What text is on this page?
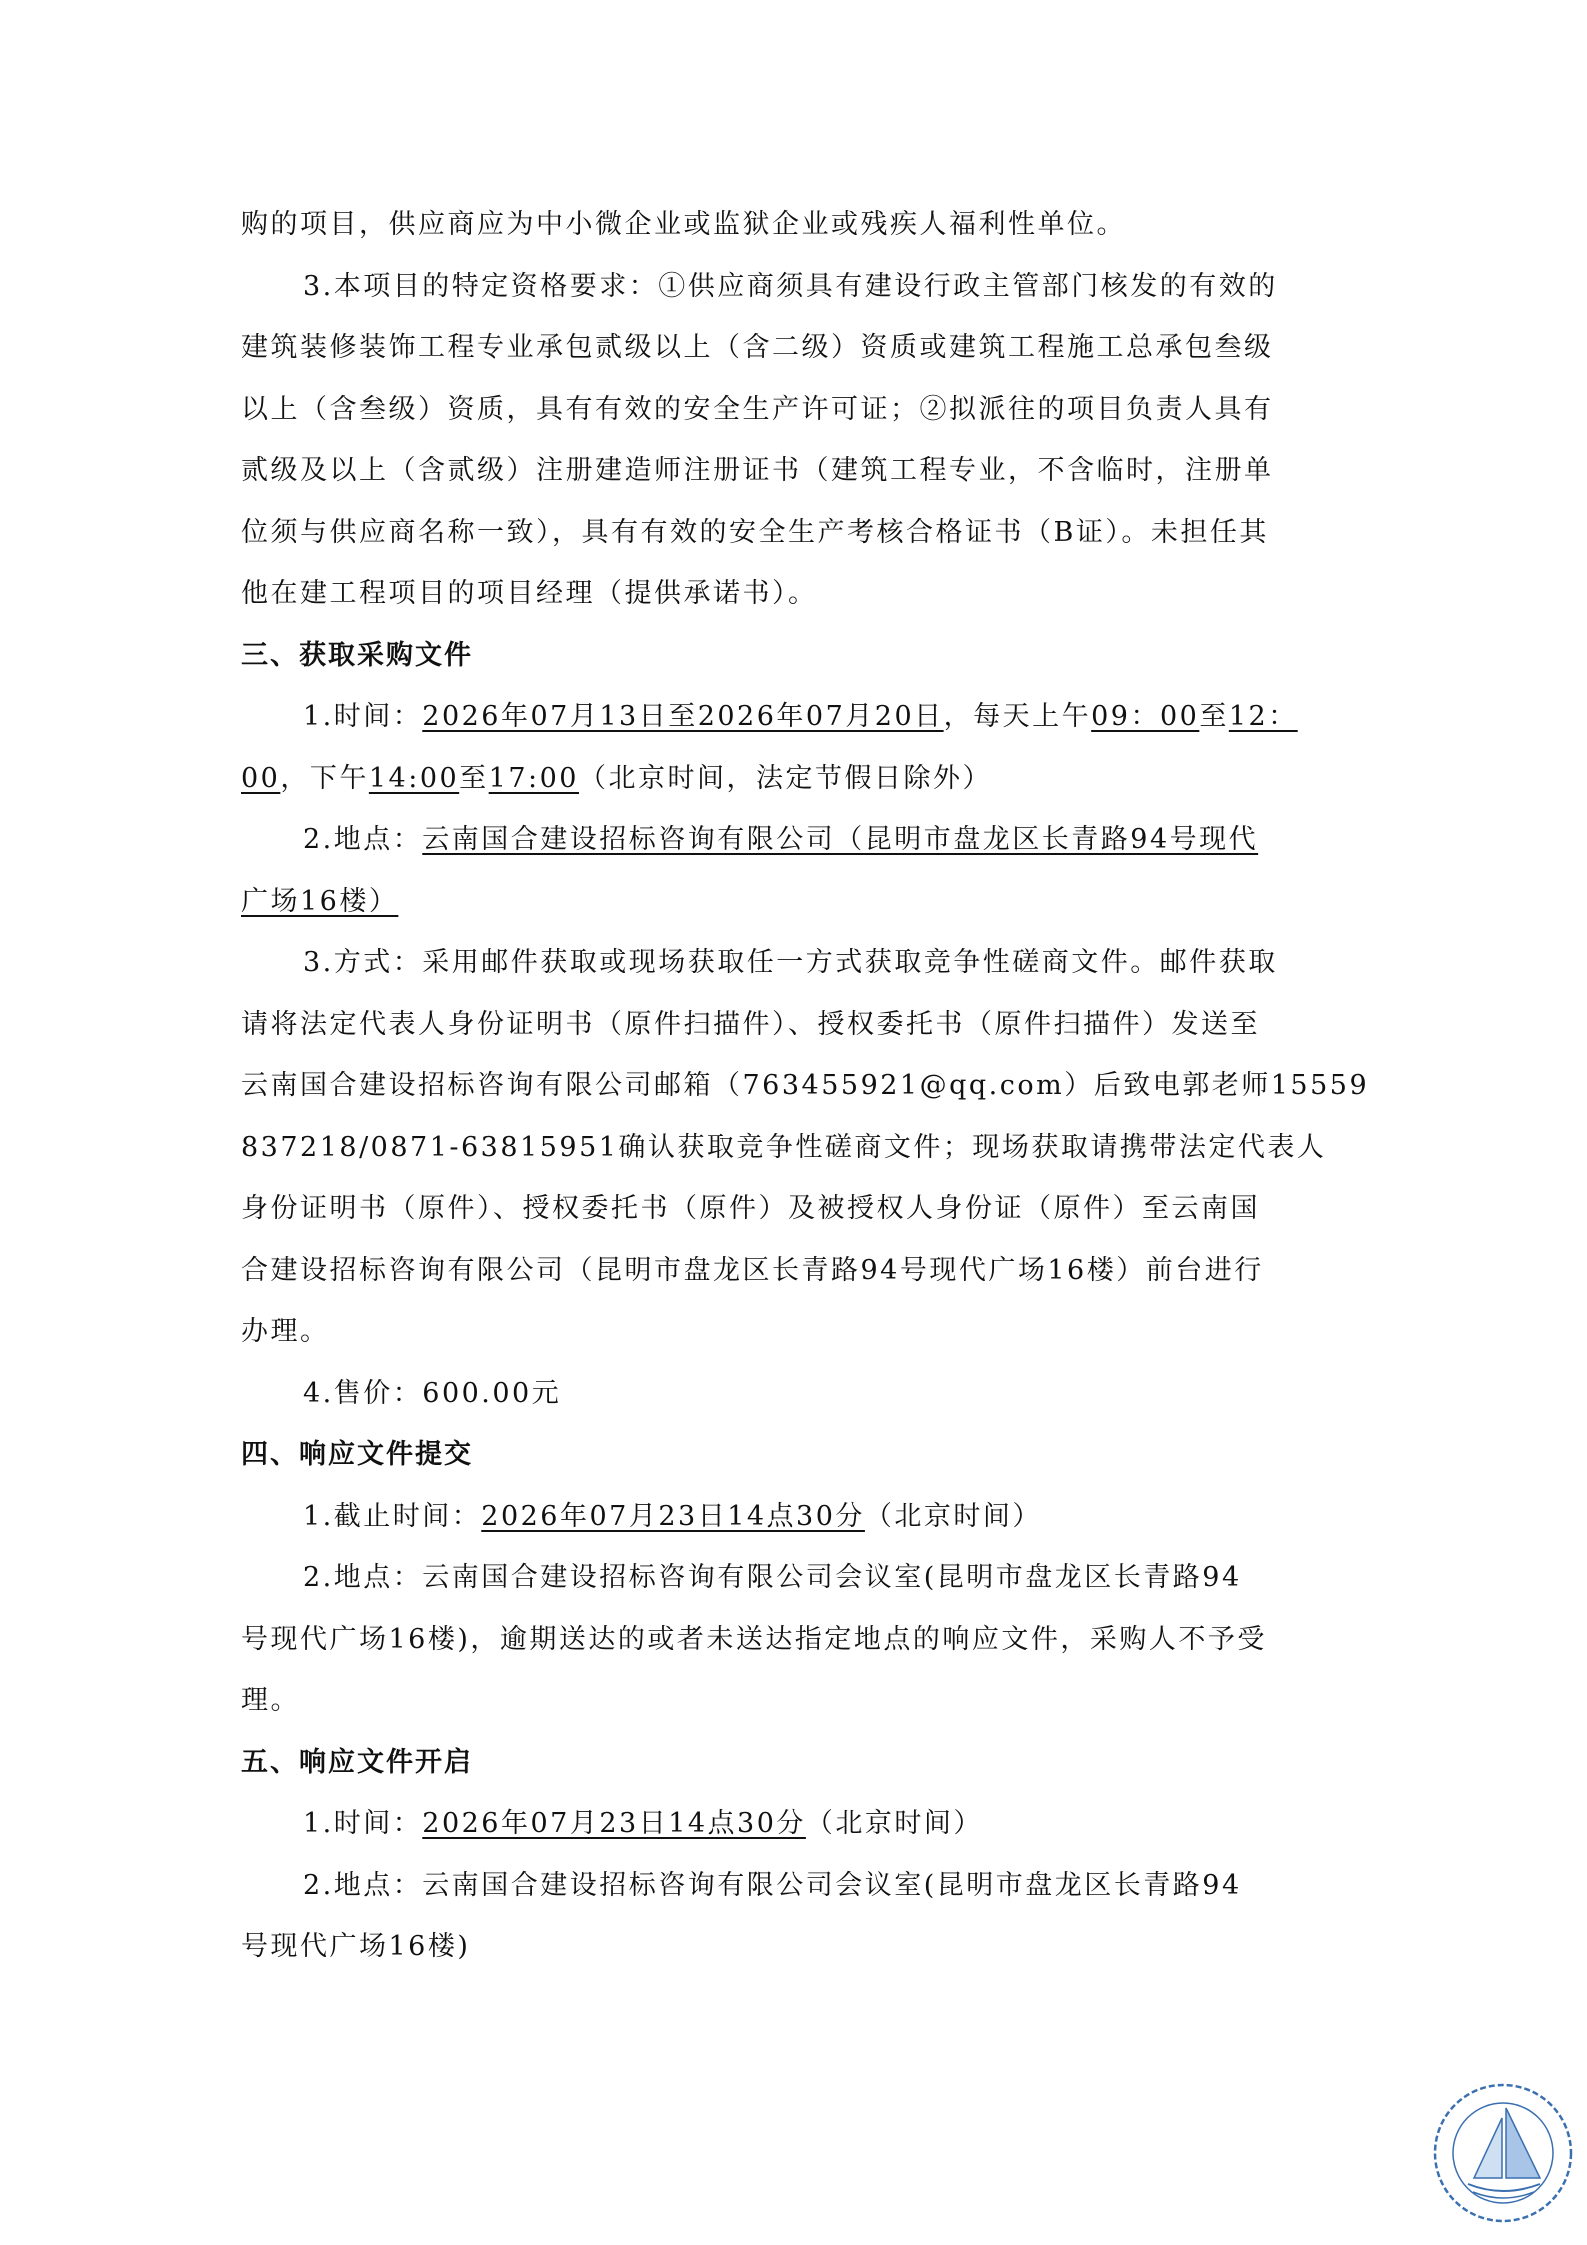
购的项目，供应商应为中小微企业或监狱企业或残疾人福利性单位。
3.本项目的特定资格要求：①供应商须具有建设行政主管部门核发的有效的
建筑装修装饰工程专业承包贰级以上（含二级）资质或建筑工程施工总承包叁级
以上（含叁级）资质，具有有效的安全生产许可证；②拟派往的项目负责人具有
贰级及以上（含贰级）注册建造师注册证书（建筑工程专业，不含临时，注册单
位须与供应商名称一致），具有有效的安全生产考核合格证书（B证）。未担任其
他在建工程项目的项目经理（提供承诺书）。
三、获取采购文件
1.时间：2026年07月13日至2026年07月20日，每天上午09：00至12：
00，下午14:00至17:00（北京时间，法定节假日除外）
2.地点：云南国合建设招标咨询有限公司（昆明市盘龙区长青路94号现代
广场16楼）
3.方式：采用邮件获取或现场获取任一方式获取竞争性磋商文件。邮件获取
请将法定代表人身份证明书（原件扫描件）、授权委托书（原件扫描件）发送至
云南国合建设招标咨询有限公司邮箱（763455921@qq.com）后致电郭老师15559
837218/0871-63815951确认获取竞争性磋商文件；现场获取请携带法定代表人
身份证明书（原件）、授权委托书（原件）及被授权人身份证（原件）至云南国
合建设招标咨询有限公司（昆明市盘龙区长青路94号现代广场16楼）前台进行
办理。
4.售价：600.00元
四、响应文件提交
1.截止时间：2026年07月23日14点30分（北京时间）
2.地点：云南国合建设招标咨询有限公司会议室(昆明市盘龙区长青路94
号现代广场16楼)，逾期送达的或者未送达指定地点的响应文件，采购人不予受
理。
五、响应文件开启
1.时间：2026年07月23日14点30分（北京时间）
2.地点：云南国合建设招标咨询有限公司会议室(昆明市盘龙区长青路94
号现代广场16楼)
